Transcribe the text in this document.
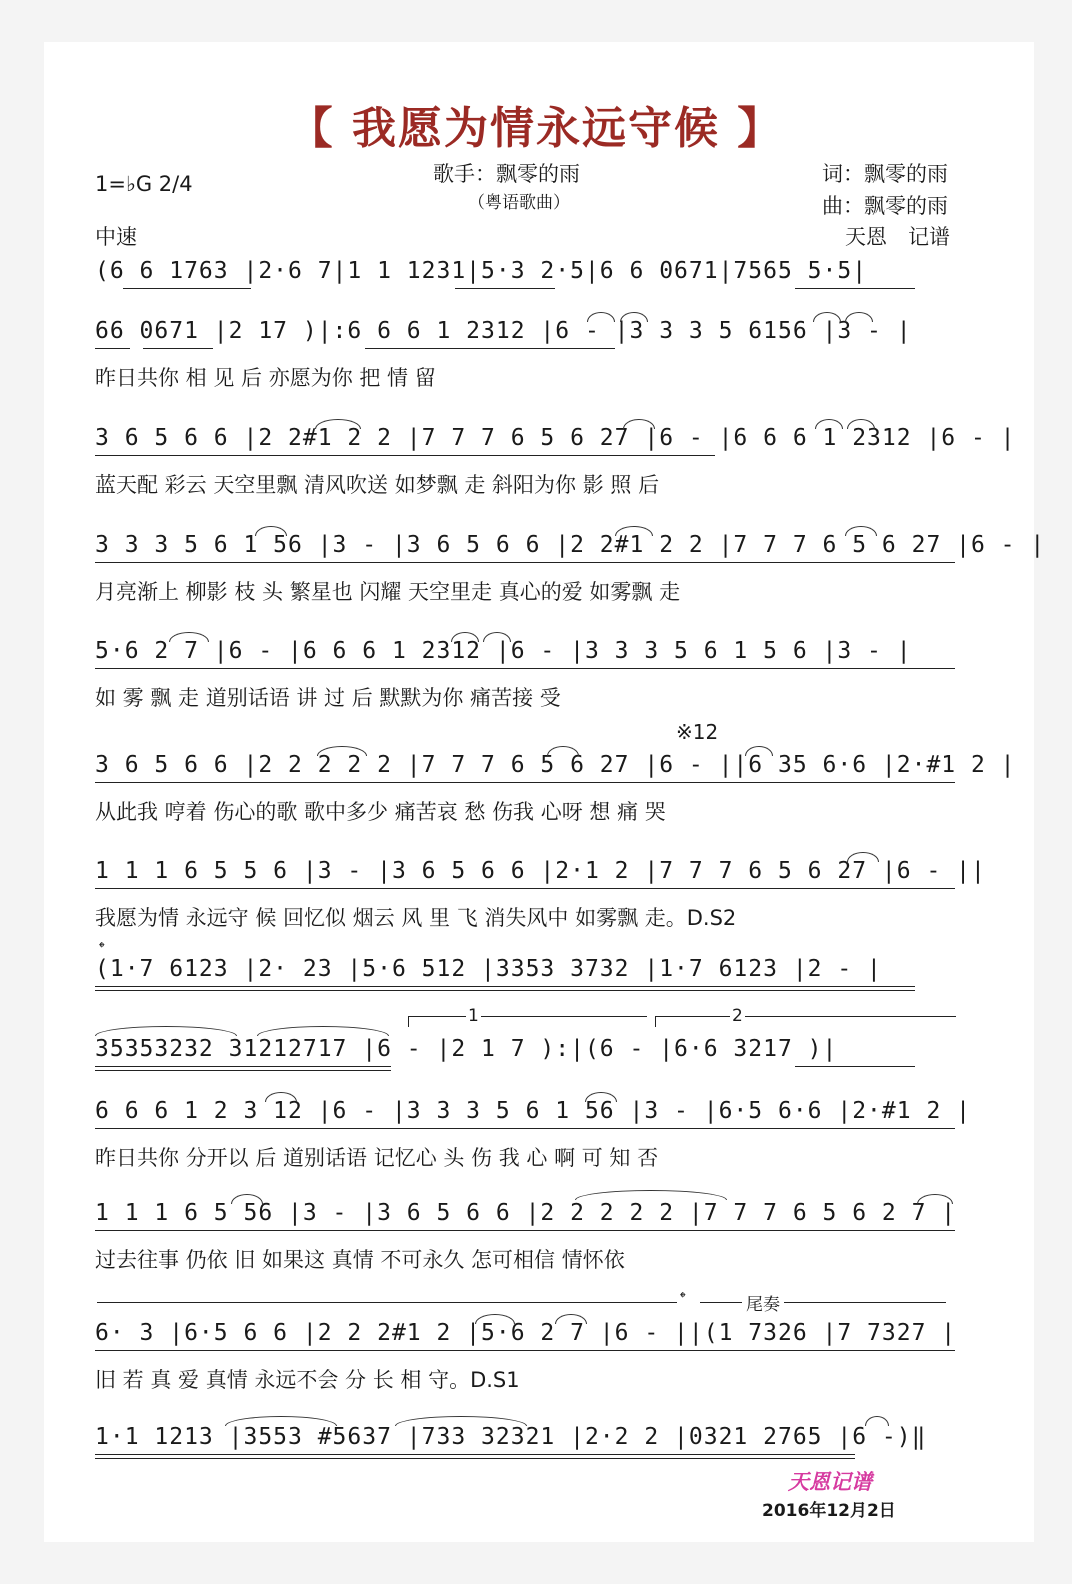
【 我愿为情永远守候 】
1=♭G 2/4	歌手：飘零的雨
（粤语歌曲）
词：飘零的雨
曲：飘零的雨
中速	天恩　记谱
(6 6 1763 |2·6 7|1 1 1231|5·3 2·5|6 6 0671|7565 5·5|
66 0671 |2 17 )|:6 6 6 1 2312 |6 - |3 3 3 5 6156 |3 - |
昨日共你 相 见 后 亦愿为你 把 情 留
3 6 5 6 6 |2 2#1 2 2 |7 7 7 6 5 6 27 |6 - |6 6 6 1 2312 |6 - |
蓝天配 彩云 天空里飘 清风吹送 如梦飘 走 斜阳为你 影 照 后
3 3 3 5 6 1 56 |3 - |3 6 5 6 6 |2 2#1 2 2 |7 7 7 6 5 6 27 |6 - |
月亮渐上 柳影 枝 头 繁星也 闪耀 天空里走 真心的爱 如雾飘 走
5·6 2 7 |6 - |6 6 6 1 2312 |6 - |3 3 3 5 6 1 5 6 |3 - |
如 雾 飘 走 道别话语 讲 过 后 默默为你 痛苦接 受
※12
3 6 5 6 6 |2 2 2 2 2 |7 7 7 6 5 6 27 |6 - ||6 35 6·6 |2·#1 2 |
从此我 哼着 伤心的歌 歌中多少 痛苦哀 愁 伤我 心呀 想 痛 哭
1 1 1 6 5 5 6 |3 - |3 6 5 6 6 |2·1 2 |7 7 7 6 5 6 27 |6 - ||
我愿为情 永远守 候 回忆似 烟云 风 里 飞 消失风中 如雾飘 走。D.S2
𝄌
(1·7 6123 |2· 23 |5·6 512 |3353 3732 |1·7 6123 |2 - |
1	2
35353232 31212717 |6 - |2 1 7 ):|(6 - |6·6 3217 )|
6 6 6 1 2 3 12 |6 - |3 3 3 5 6 1 56 |3 - |6·5 6·6 |2·#1 2 |
昨日共你 分开以 后 道别话语 记忆心 头 伤 我 心 啊 可 知 否
1 1 1 6 5 56 |3 - |3 6 5 6 6 |2 2 2 2 2 |7 7 7 6 5 6 2 7 |
过去往事 仍依 旧 如果这 真情 不可永久 怎可相信 情怀依
𝄌	尾奏
6· 3 |6·5 6 6 |2 2 2#1 2 |5·6 2 7 |6 - ||(1 7326 |7 7327 |
旧 若 真 爱 真情 永远不会 分 长 相 守。D.S1
1·1 1213 |3553 #5637 |733 32321 |2·2 2 |0321 2765 |6 -)‖
天恩记谱
2016年12月2日
